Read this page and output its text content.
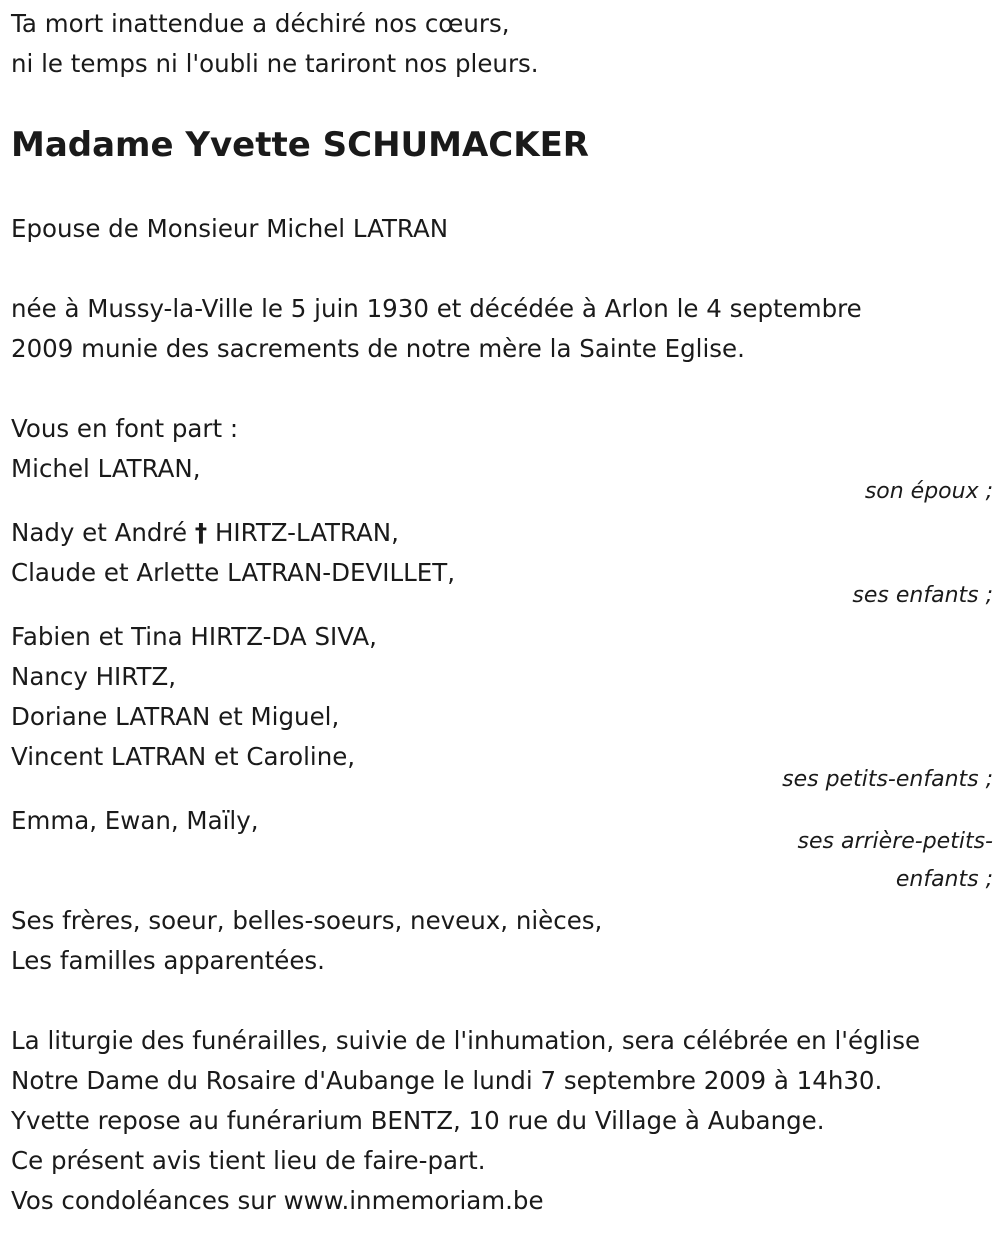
Ta mort inattendue a déchiré nos cœurs,

ni le temps ni l'oubli ne tariront nos pleurs.

Madame Yvette SCHUMACKER

Epouse de Monsieur Michel LATRAN

née à Mussy-la-Ville le 5 juin 1930 et décédée à Arlon le 4 septembre

2009 munie des sacrements de notre mère la Sainte Eglise.

Vous en font part :

Michel LATRAN,

son époux ;

Nady et André † HIRTZ-LATRAN,

Claude et Arlette LATRAN-DEVILLET,

ses enfants ;

Fabien et Tina HIRTZ-DA SIVA,

Nancy HIRTZ,

Doriane LATRAN et Miguel,

Vincent LATRAN et Caroline,

ses petits-enfants ;

Emma, Ewan, Maïly,

ses arrière-petits-

enfants ;

Ses frères, soeur, belles-soeurs, neveux, nièces,

Les familles apparentées.

La liturgie des funérailles, suivie de l'inhumation, sera célébrée en l'église

Notre Dame du Rosaire d'Aubange le lundi 7 septembre 2009 à 14h30.

Yvette repose au funérarium BENTZ, 10 rue du Village à Aubange.

Ce présent avis tient lieu de faire-part.

Vos condoléances sur www.inmemoriam.be
